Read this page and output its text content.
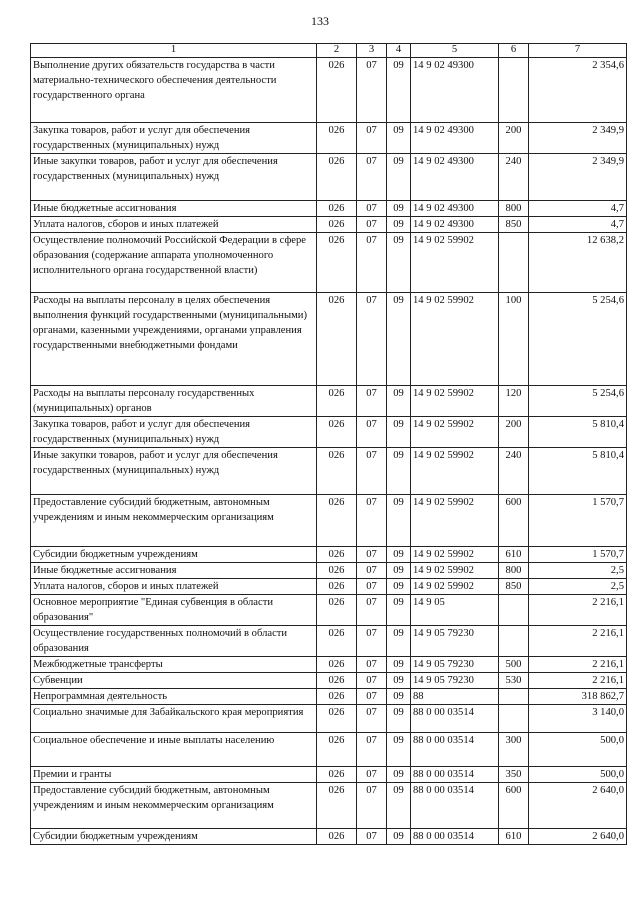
133
1	2	3	4	5	6	7
Выполнение других обязательств государства в части материально-технического обеспечения деятельности государственного органа	026	07	09	14 9 02 49300		2 354,6
Закупка товаров, работ и услуг для обеспечения государственных (муниципальных) нужд	026	07	09	14 9 02 49300	200	2 349,9
Иные закупки товаров, работ и услуг для обеспечения государственных (муниципальных) нужд	026	07	09	14 9 02 49300	240	2 349,9
Иные бюджетные ассигнования	026	07	09	14 9 02 49300	800	4,7
Уплата налогов, сборов и иных платежей	026	07	09	14 9 02 49300	850	4,7
Осуществление полномочий Российской Федерации в сфере образования (содержание аппарата уполномоченного исполнительного органа государственной власти)	026	07	09	14 9 02 59902		12 638,2
Расходы на выплаты персоналу в целях обеспечения выполнения функций государственными (муниципальными) органами, казенными учреждениями, органами управления государственными внебюджетными фондами	026	07	09	14 9 02 59902	100	5 254,6
Расходы на выплаты персоналу государственных (муниципальных) органов	026	07	09	14 9 02 59902	120	5 254,6
Закупка товаров, работ и услуг для обеспечения государственных (муниципальных) нужд	026	07	09	14 9 02 59902	200	5 810,4
Иные закупки товаров, работ и услуг для обеспечения государственных (муниципальных) нужд	026	07	09	14 9 02 59902	240	5 810,4
Предоставление субсидий бюджетным, автономным учреждениям и иным некоммерческим организациям	026	07	09	14 9 02 59902	600	1 570,7
Субсидии бюджетным учреждениям	026	07	09	14 9 02 59902	610	1 570,7
Иные бюджетные ассигнования	026	07	09	14 9 02 59902	800	2,5
Уплата налогов, сборов и иных платежей	026	07	09	14 9 02 59902	850	2,5
Основное мероприятие "Единая субвенция в области образования"	026	07	09	14 9 05		2 216,1
Осуществление государственных полномочий в области образования	026	07	09	14 9 05 79230		2 216,1
Межбюджетные трансферты	026	07	09	14 9 05 79230	500	2 216,1
Субвенции	026	07	09	14 9 05 79230	530	2 216,1
Непрограммная деятельность	026	07	09	88		318 862,7
Социально значимые для Забайкальского края мероприятия	026	07	09	88 0 00 03514		3 140,0
Социальное обеспечение и иные выплаты населению	026	07	09	88 0 00 03514	300	500,0
Премии и гранты	026	07	09	88 0 00 03514	350	500,0
Предоставление субсидий бюджетным, автономным учреждениям и иным некоммерческим организациям	026	07	09	88 0 00 03514	600	2 640,0
Субсидии бюджетным учреждениям	026	07	09	88 0 00 03514	610	2 640,0
